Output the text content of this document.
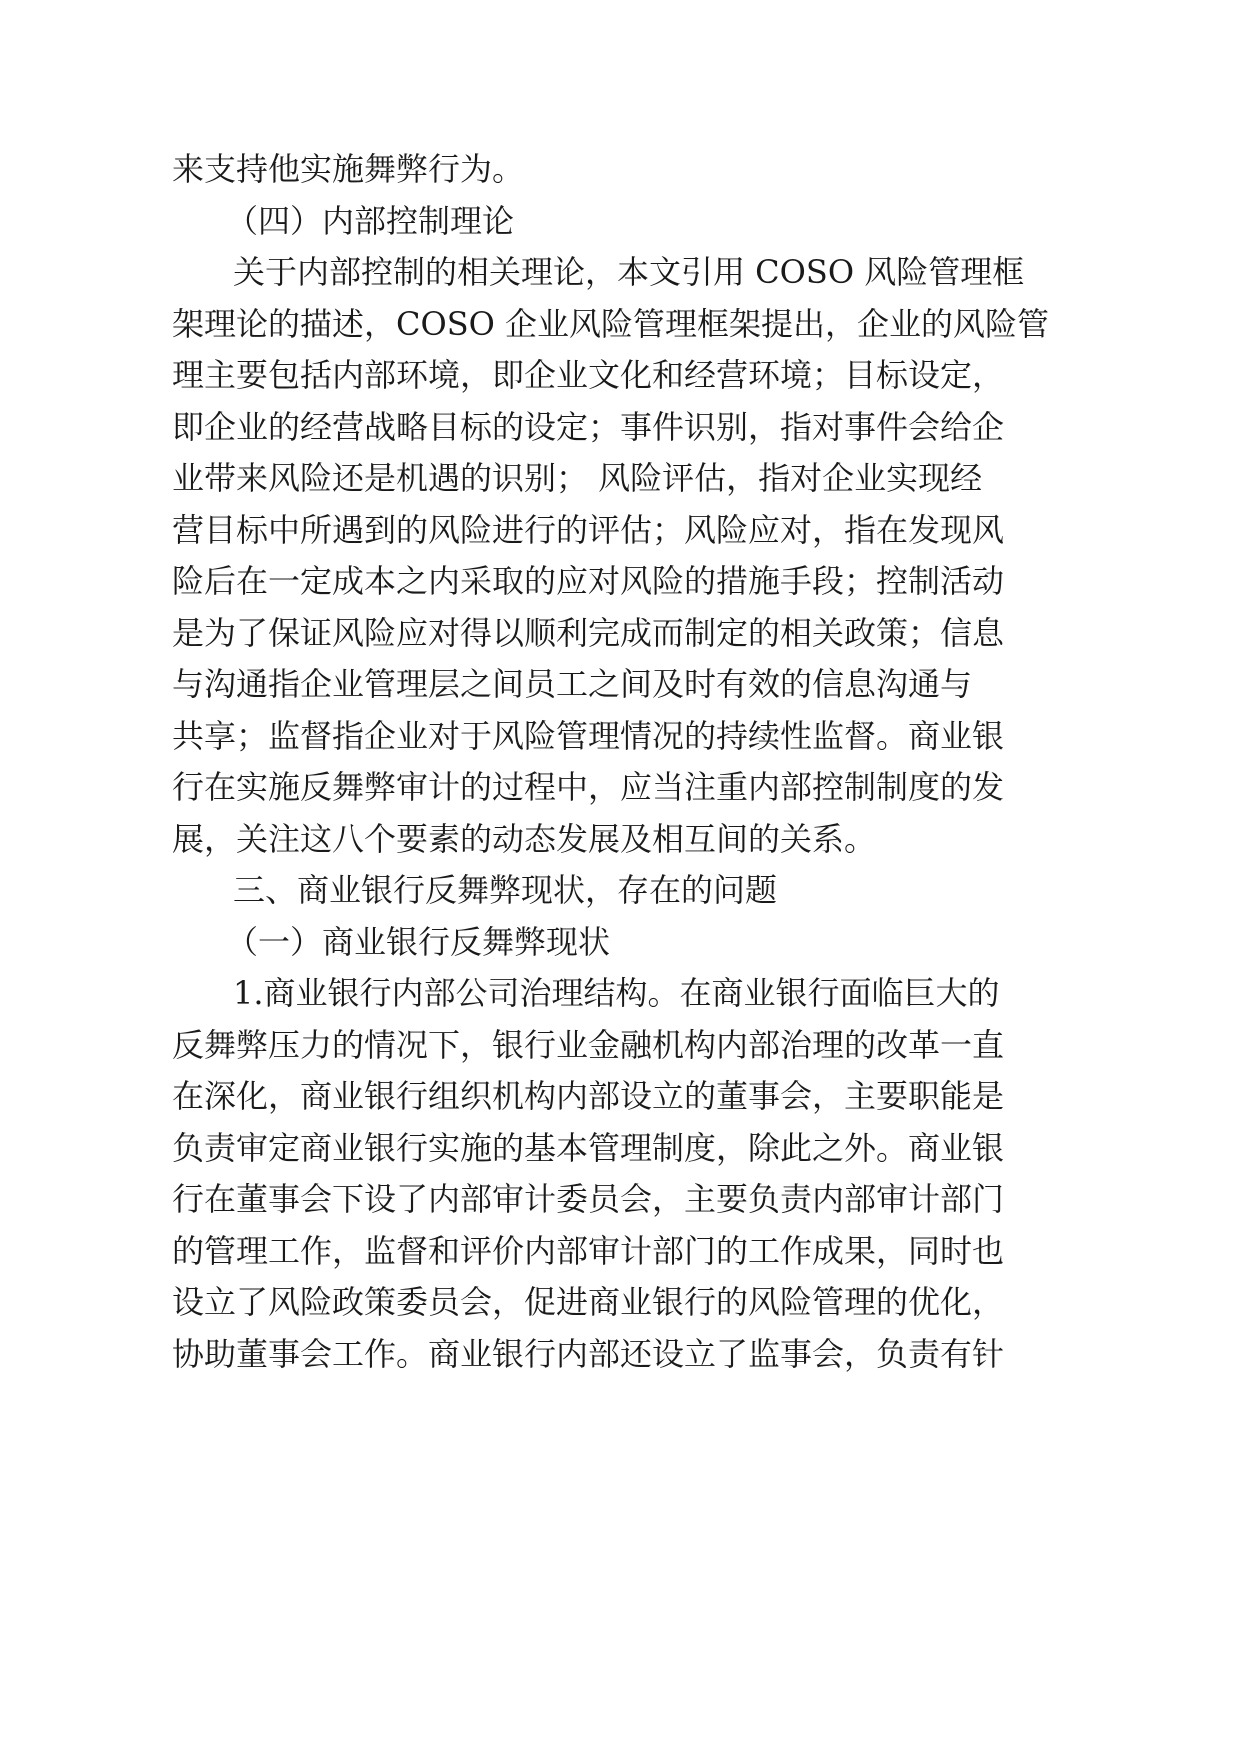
来支持他实施舞弊行为。

（四）内部控制理论

关于内部控制的相关理论，本文引用 COSO 风险管理框

架理论的描述，COSO 企业风险管理框架提出，企业的风险管

理主要包括内部环境，即企业文化和经营环境；目标设定，

即企业的经营战略目标的设定；事件识别，指对事件会给企

业带来风险还是机遇的识别； 风险评估，指对企业实现经

营目标中所遇到的风险进行的评估；风险应对，指在发现风

险后在一定成本之内采取的应对风险的措施手段；控制活动

是为了保证风险应对得以顺利完成而制定的相关政策；信息

与沟通指企业管理层之间员工之间及时有效的信息沟通与

共享；监督指企业对于风险管理情况的持续性监督。商业银

行在实施反舞弊审计的过程中，应当注重内部控制制度的发

展，关注这八个要素的动态发展及相互间的关系。

三、商业银行反舞弊现状，存在的问题

（一）商业银行反舞弊现状

1.商业银行内部公司治理结构。在商业银行面临巨大的

反舞弊压力的情况下，银行业金融机构内部治理的改革一直

在深化，商业银行组织机构内部设立的董事会，主要职能是

负责审定商业银行实施的基本管理制度，除此之外。商业银

行在董事会下设了内部审计委员会，主要负责内部审计部门

的管理工作，监督和评价内部审计部门的工作成果，同时也

设立了风险政策委员会，促进商业银行的风险管理的优化，

协助董事会工作。商业银行内部还设立了监事会，负责有针
